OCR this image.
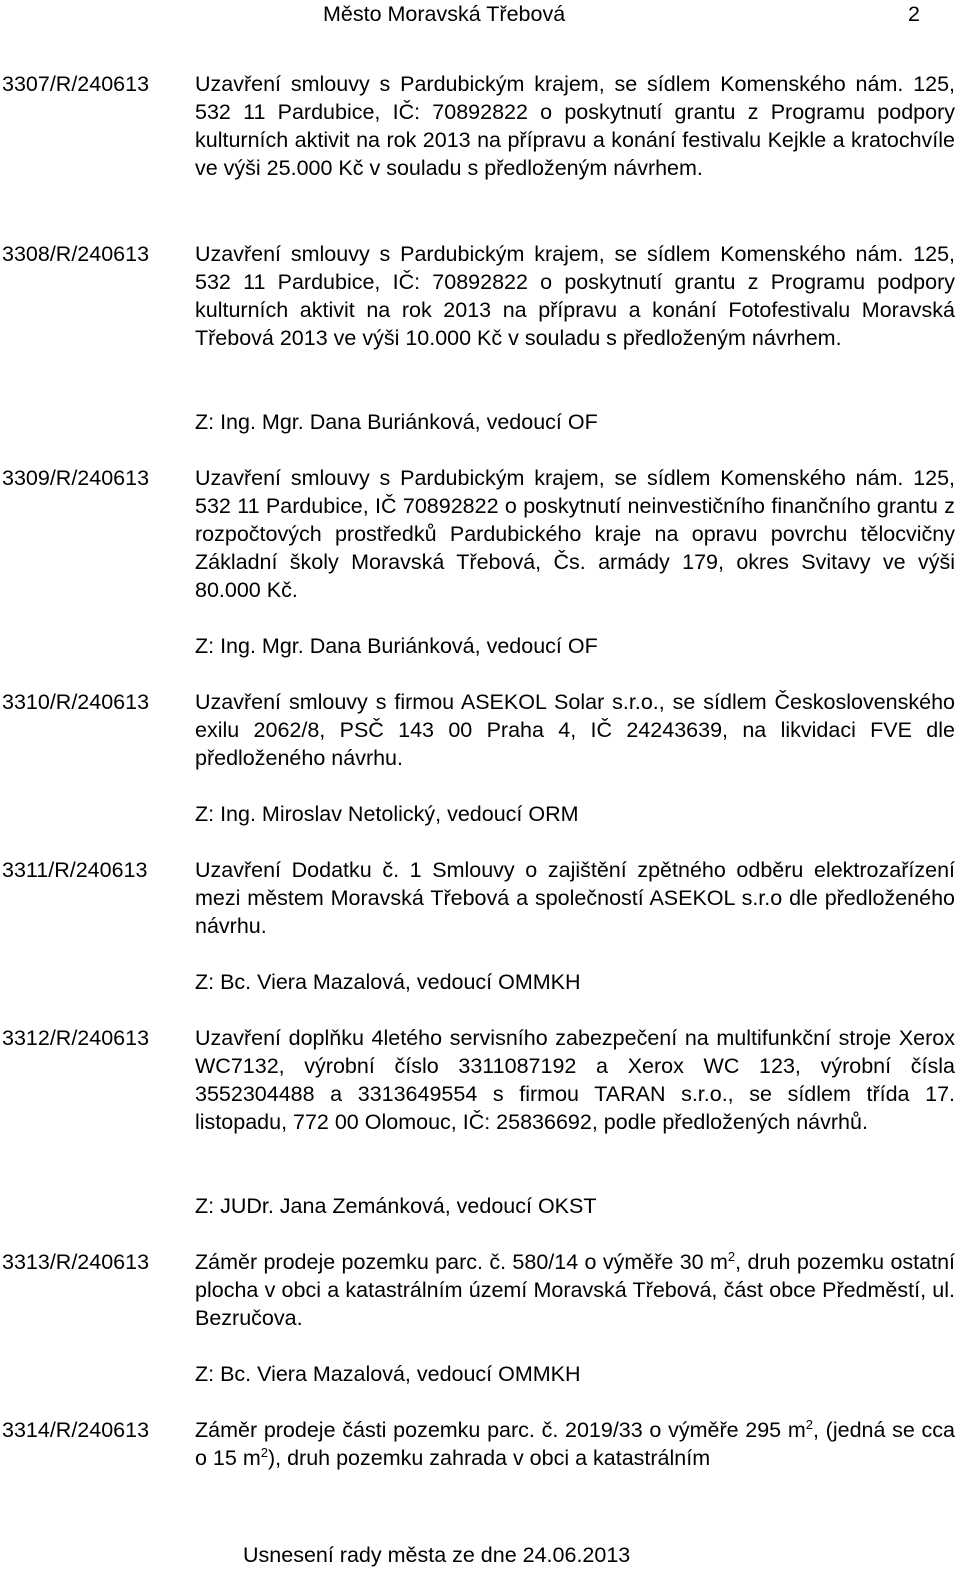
Město Moravská Třebová	2
3307/R/240613 Uzavření smlouvy s Pardubickým krajem, se sídlem Komenského nám. 125, 532 11 Pardubice, IČ: 70892822 o poskytnutí grantu z Programu podpory kulturních aktivit na rok 2013 na přípravu a konání festivalu Kejkle a kratochvíle ve výši 25.000 Kč v souladu s předloženým návrhem.
3308/R/240613 Uzavření smlouvy s Pardubickým krajem, se sídlem Komenského nám. 125, 532 11 Pardubice, IČ: 70892822 o poskytnutí grantu z Programu podpory kulturních aktivit na rok 2013 na přípravu a konání Fotofestivalu Moravská Třebová 2013 ve výši 10.000 Kč v souladu s předloženým návrhem.
Z: Ing. Mgr. Dana Buriánková, vedoucí OF
3309/R/240613 Uzavření smlouvy s Pardubickým krajem, se sídlem Komenského nám. 125, 532 11 Pardubice, IČ 70892822 o poskytnutí neinvestičního finančního grantu z rozpočtových prostředků Pardubického kraje na opravu povrchu tělocvičny Základní školy Moravská Třebová, Čs. armády 179, okres Svitavy ve výši 80.000 Kč.
Z: Ing. Mgr. Dana Buriánková, vedoucí OF
3310/R/240613 Uzavření smlouvy s firmou ASEKOL Solar s.r.o., se sídlem Československého exilu 2062/8, PSČ 143 00 Praha 4, IČ 24243639, na likvidaci FVE dle předloženého návrhu.
Z: Ing. Miroslav Netolický, vedoucí ORM
3311/R/240613 Uzavření Dodatku č. 1 Smlouvy o zajištění zpětného odběru elektrozařízení mezi městem Moravská Třebová a společností ASEKOL s.r.o dle předloženého návrhu.
Z: Bc. Viera Mazalová, vedoucí OMMKH
3312/R/240613 Uzavření doplňku 4letého servisního zabezpečení na multifunkční stroje Xerox WC7132, výrobní číslo 3311087192 a Xerox WC 123, výrobní čísla 3552304488 a 3313649554 s firmou TARAN s.r.o., se sídlem třída 17. listopadu, 772 00 Olomouc, IČ: 25836692, podle předložených návrhů.
Z: JUDr. Jana Zemánková, vedoucí OKST
3313/R/240613 Záměr prodeje pozemku parc. č. 580/14 o výměře 30 $m^2$, druh pozemku ostatní plocha v obci a katastrálním území Moravská Třebová, část obce Předměstí, ul. Bezručova.
Z: Bc. Viera Mazalová, vedoucí OMMKH
3314/R/240613 Záměr prodeje části pozemku parc. č. 2019/33 o výměře 295 $m^2$, (jedná se cca o 15 $m^2$), druh pozemku zahrada v obci a katastrálním
Usnesení rady města ze dne 24.06.2013
